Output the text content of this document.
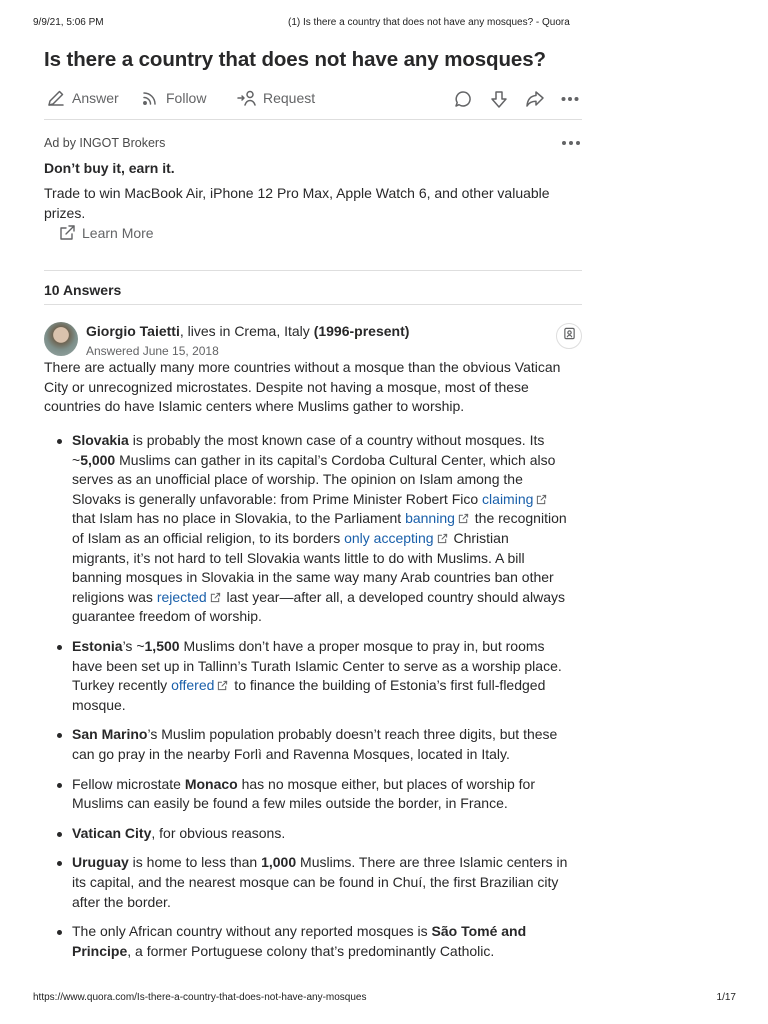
9/9/21, 5:06 PM	(1) Is there a country that does not have any mosques? - Quora
Is there a country that does not have any mosques?
Answer	Follow	Request
Ad by INGOT Brokers
Don’t buy it, earn it.
Trade to win MacBook Air, iPhone 12 Pro Max, Apple Watch 6, and other valuable prizes.
Learn More
10 Answers
Giorgio Taietti, lives in Crema, Italy (1996-present)
Answered June 15, 2018

There are actually many more countries without a mosque than the obvious Vatican City or unrecognized microstates. Despite not having a mosque, most of these countries do have Islamic centers where Muslims gather to worship.

Slovakia is probably the most known case of a country without mosques. Its ~5,000 Muslims can gather in its capital’s Cordoba Cultural Center, which also serves as an unofficial place of worship. The opinion on Islam among the Slovaks is generally unfavorable: from Prime Minister Robert Fico claiming that Islam has no place in Slovakia, to the Parliament banning the recognition of Islam as an official religion, to its borders only accepting Christian migrants, it’s not hard to tell Slovakia wants little to do with Muslims. A bill banning mosques in Slovakia in the same way many Arab countries ban other religions was rejected last year—after all, a developed country should always guarantee freedom of worship.
Estonia’s ~1,500 Muslims don’t have a proper mosque to pray in, but rooms have been set up in Tallinn’s Turath Islamic Center to serve as a worship place. Turkey recently offered to finance the building of Estonia’s first full-fledged mosque.
San Marino’s Muslim population probably doesn’t reach three digits, but these can go pray in the nearby Forlì and Ravenna Mosques, located in Italy.
Fellow microstate Monaco has no mosque either, but places of worship for Muslims can easily be found a few miles outside the border, in France.
Vatican City, for obvious reasons.
Uruguay is home to less than 1,000 Muslims. There are three Islamic centers in its capital, and the nearest mosque can be found in Chuí, the first Brazilian city after the border.
The only African country without any reported mosques is São Tomé and Principe, a former Portuguese colony that’s predominantly Catholic.
https://www.quora.com/Is-there-a-country-that-does-not-have-any-mosques	1/17
